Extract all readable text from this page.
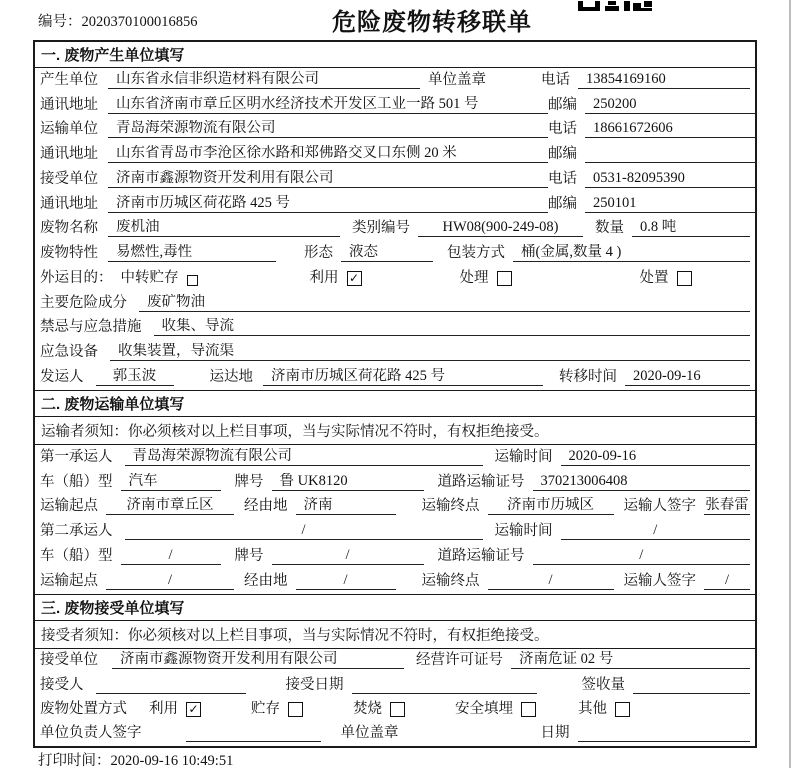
编号：2020370100016856	危险废物转移联单
一. 废物产生单位填写
产生单位	山东省永信非织造材料有限公司	单位盖章	电话	13854169160
通讯地址	山东省济南市章丘区明水经济技术开发区工业一路 501 号	邮编	250200
运输单位	青岛海荣源物流有限公司	电话	18661672606
通讯地址	山东省青岛市李沧区徐水路和郑佛路交叉口东侧 20 米	邮编
接受单位	济南市鑫源物资开发利用有限公司	电话	0531-82095390
通讯地址	济南市历城区荷花路 425 号	邮编	250101
废物名称	废机油	类别编号	HW08(900-249-08)	数量	0.8 吨
废物特性	易燃性,毒性	形态	液态	包装方式	桶(金属,数量 4 )
外运目的： 中转贮存	利用 ✓	处理	处置
主要危险成分	废矿物油
禁忌与应急措施	收集、导流
应急设备	收集装置，导流渠
发运人	郭玉波	运达地	济南市历城区荷花路 425 号	转移时间	2020-09-16
二. 废物运输单位填写
运输者须知：你必须核对以上栏目事项，当与实际情况不符时，有权拒绝接受。
第一承运人	青岛海荣源物流有限公司	运输时间	2020-09-16
车（船）型	汽车	牌号	鲁 UK8120	道路运输证号	370213006408
运输起点	济南市章丘区	经由地	济南	运输终点	济南市历城区	运输人签字 张春雷
第二承运人	/	运输时间	/
车（船）型	/	牌号	/	道路运输证号	/
运输起点	/	经由地	/	运输终点	/	运输人签字	/
三. 废物接受单位填写
接受者须知：你必须核对以上栏目事项，当与实际情况不符时，有权拒绝接受。
接受单位	济南市鑫源物资开发利用有限公司	经营许可证号	济南危证 02 号
接受人	接受日期	签收量
废物处置方式 利用 ✓	贮存	焚烧	安全填埋	其他
单位负责人签字	单位盖章	日期
打印时间：2020-09-16 10:49:51
